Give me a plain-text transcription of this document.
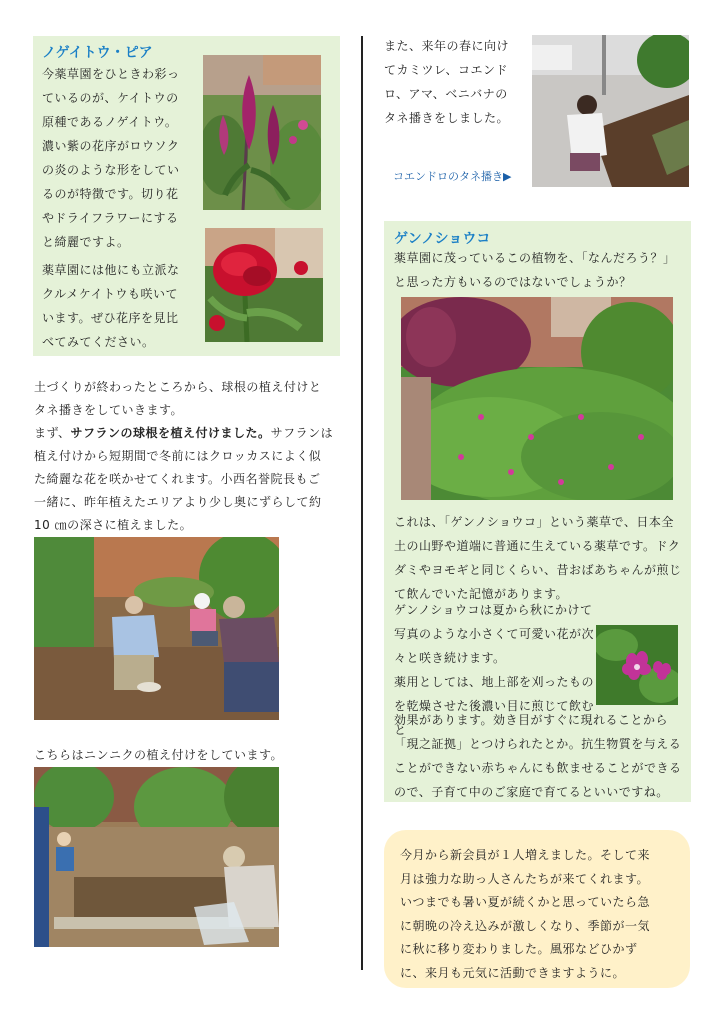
ノゲイトウ・ピア
今薬草園をひときわ彩っ
ているのが、ケイトウの
原種であるノゲイトウ。
濃い紫の花序がロウソク
の炎のような形をしてい
るのが特徴です。切り花
やドライフラワーにする
と綺麗ですよ。
薬草園には他にも立派な
クルメケイトウも咲いて
います。ぜひ花序を見比
べてみてください。
土づくりが終わったところから、球根の植え付けと
タネ播きをしていきます。
まず、サフランの球根を植え付けました。サフランは
植え付けから短期間で冬前にはクロッカスによく似
た綺麗な花を咲かせてくれます。小西名誉院長もご
一緒に、昨年植えたエリアより少し奥にずらして約
10 ㎝の深さに植えました。
こちらはニンニクの植え付けをしています。
また、来年の春に向け
てカミツレ、コエンド
ロ、アマ、ベニバナの
タネ播きをしました。
コエンドロのタネ播き▶
ゲンノショウコ
薬草園に茂っているこの植物を、「なんだろう？」
と思った方もいるのではないでしょうか？
これは、「ゲンノショウコ」という薬草で、日本全
土の山野や道端に普通に生えている薬草です。ドク
ダミやヨモギと同じくらい、昔おばあちゃんが煎じ
て飲んでいた記憶があります。
ゲンノショウコは夏から秋にかけて
写真のような小さくて可愛い花が次
々と咲き続けます。
薬用としては、地上部を刈ったもの
を乾燥させた後濃い目に煎じて飲むと
効果があります。効き目がすぐに現れることから
「現之証拠」とつけられたとか。抗生物質を与える
ことができない赤ちゃんにも飲ませることができる
ので、子育て中のご家庭で育てるといいですね。
今月から新会員が１人増えました。そして来
月は強力な助っ人さんたちが来てくれます。
いつまでも暑い夏が続くかと思っていたら急
に朝晩の冷え込みが激しくなり、季節が一気
に秋に移り変わりました。風邪などひかず
に、来月も元気に活動できますように。
